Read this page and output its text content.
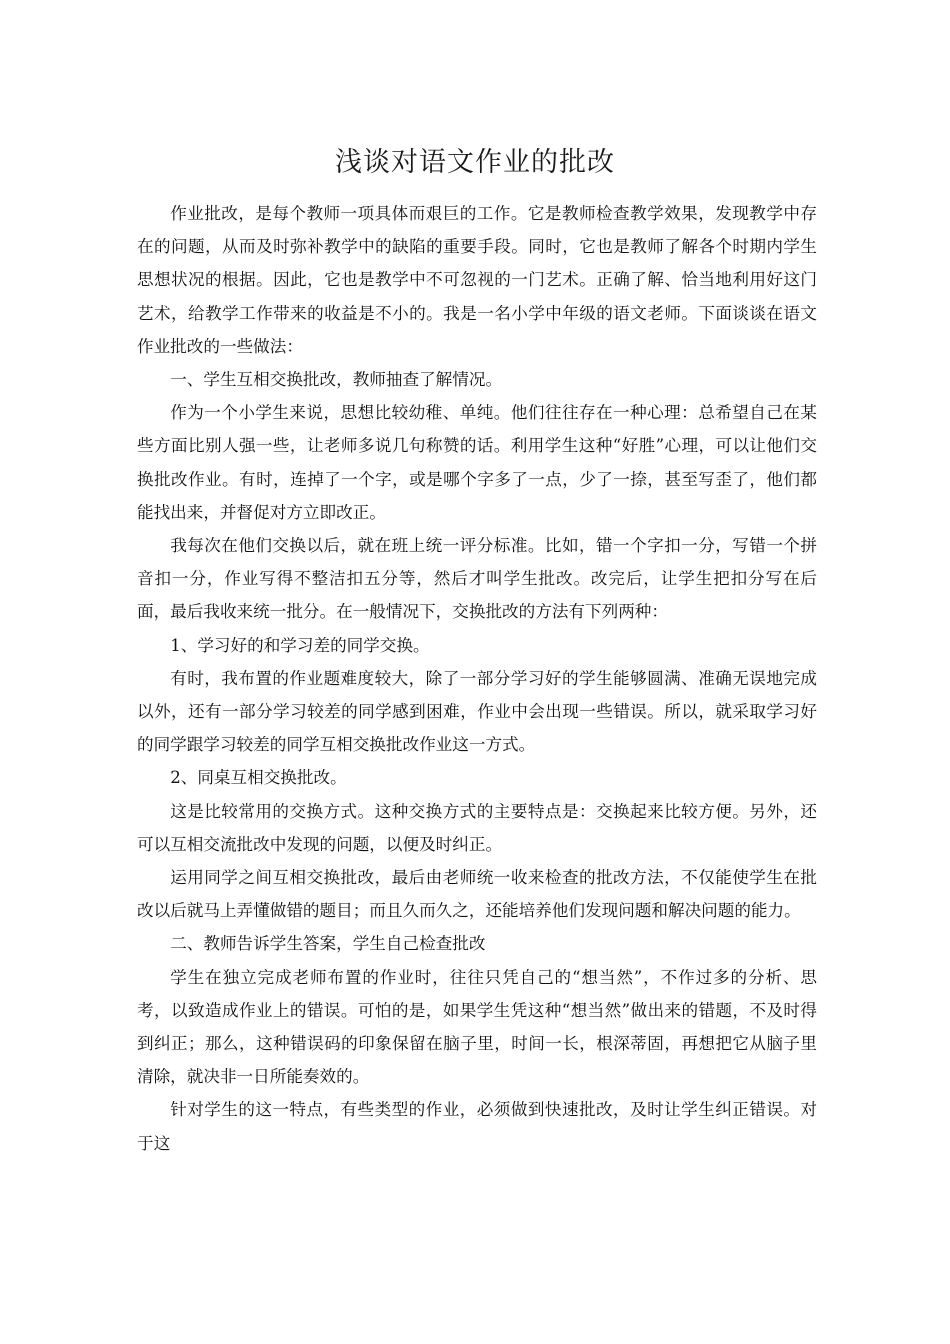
浅谈对语文作业的批改

作业批改，是每个教师一项具体而艰巨的工作。它是教师检查教学效果，发现教学中存在的问题，从而及时弥补教学中的缺陷的重要手段。同时，它也是教师了解各个时期内学生思想状况的根据。因此，它也是教学中不可忽视的一门艺术。正确了解、恰当地利用好这门艺术，给教学工作带来的收益是不小的。我是一名小学中年级的语文老师。下面谈谈在语文作业批改的一些做法：

一、学生互相交换批改，教师抽查了解情况。

作为一个小学生来说，思想比较幼稚、单纯。他们往往存在一种心理：总希望自己在某些方面比别人强一些，让老师多说几句称赞的话。利用学生这种“好胜”心理，可以让他们交换批改作业。有时，连掉了一个字，或是哪个字多了一点，少了一捺，甚至写歪了，他们都能找出来，并督促对方立即改正。

我每次在他们交换以后，就在班上统一评分标准。比如，错一个字扣一分，写错一个拼音扣一分，作业写得不整洁扣五分等，然后才叫学生批改。改完后，让学生把扣分写在后面，最后我收来统一批分。在一般情况下，交换批改的方法有下列两种：

1、学习好的和学习差的同学交换。

有时，我布置的作业题难度较大，除了一部分学习好的学生能够圆满、准确无误地完成以外，还有一部分学习较差的同学感到困难，作业中会出现一些错误。所以，就采取学习好的同学跟学习较差的同学互相交换批改作业这一方式。

2、同桌互相交换批改。

这是比较常用的交换方式。这种交换方式的主要特点是：交换起来比较方便。另外，还可以互相交流批改中发现的问题，以便及时纠正。

运用同学之间互相交换批改，最后由老师统一收来检查的批改方法，不仅能使学生在批改以后就马上弄懂做错的题目；而且久而久之，还能培养他们发现问题和解决问题的能力。

二、教师告诉学生答案，学生自己检查批改

学生在独立完成老师布置的作业时，往往只凭自己的“想当然”，不作过多的分析、思考，以致造成作业上的错误。可怕的是，如果学生凭这种“想当然”做出来的错题，不及时得到纠正；那么，这种错误码的印象保留在脑子里，时间一长，根深蒂固，再想把它从脑子里清除，就决非一日所能奏效的。

针对学生的这一特点，有些类型的作业，必须做到快速批改，及时让学生纠正错误。对于这
